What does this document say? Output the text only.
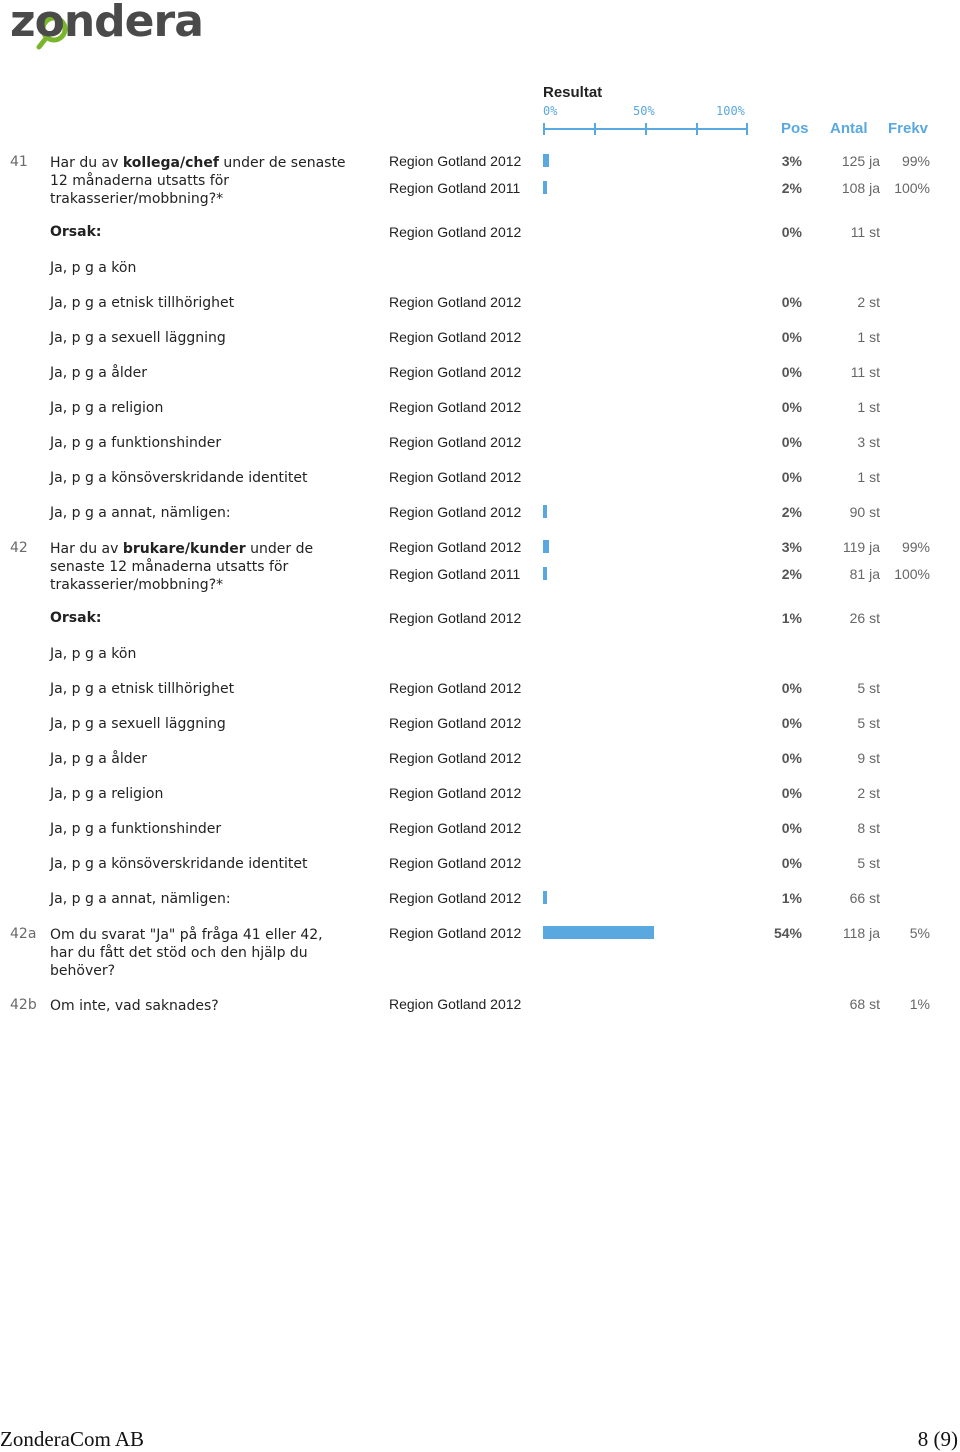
zondera
Resultat
0%	50%	100%
Pos Antal Frekv
41 Har du av kollega/chef under de senaste 12 månaderna utsatts för trakasserier/mobbning?*
Region Gotland 2012	3%	125 ja	99%
Region Gotland 2011	2%	108 ja	100%
Orsak:	Region Gotland 2012	0%	11 st
Ja, p g a kön
Ja, p g a etnisk tillhörighet	Region Gotland 2012	0%	2 st
Ja, p g a sexuell läggning	Region Gotland 2012	0%	1 st
Ja, p g a ålder	Region Gotland 2012	0%	11 st
Ja, p g a religion	Region Gotland 2012	0%	1 st
Ja, p g a funktionshinder	Region Gotland 2012	0%	3 st
Ja, p g a könsöverskridande identitet	Region Gotland 2012	0%	1 st
Ja, p g a annat, nämligen:	Region Gotland 2012	2%	90 st
42 Har du av brukare/kunder under de senaste 12 månaderna utsatts för trakasserier/mobbning?*
Region Gotland 2012	3%	119 ja	99%
Region Gotland 2011	2%	81 ja	100%
Orsak:	Region Gotland 2012	1%	26 st
Ja, p g a kön
Ja, p g a etnisk tillhörighet	Region Gotland 2012	0%	5 st
Ja, p g a sexuell läggning	Region Gotland 2012	0%	5 st
Ja, p g a ålder	Region Gotland 2012	0%	9 st
Ja, p g a religion	Region Gotland 2012	0%	2 st
Ja, p g a funktionshinder	Region Gotland 2012	0%	8 st
Ja, p g a könsöverskridande identitet	Region Gotland 2012	0%	5 st
Ja, p g a annat, nämligen:	Region Gotland 2012	1%	66 st
42a Om du svarat "Ja" på fråga 41 eller 42, har du fått det stöd och den hjälp du behöver?
Region Gotland 2012	54%	118 ja	5%
42b Om inte, vad saknades?	Region Gotland 2012	68 st	1%
ZonderaCom AB	8 (9)
